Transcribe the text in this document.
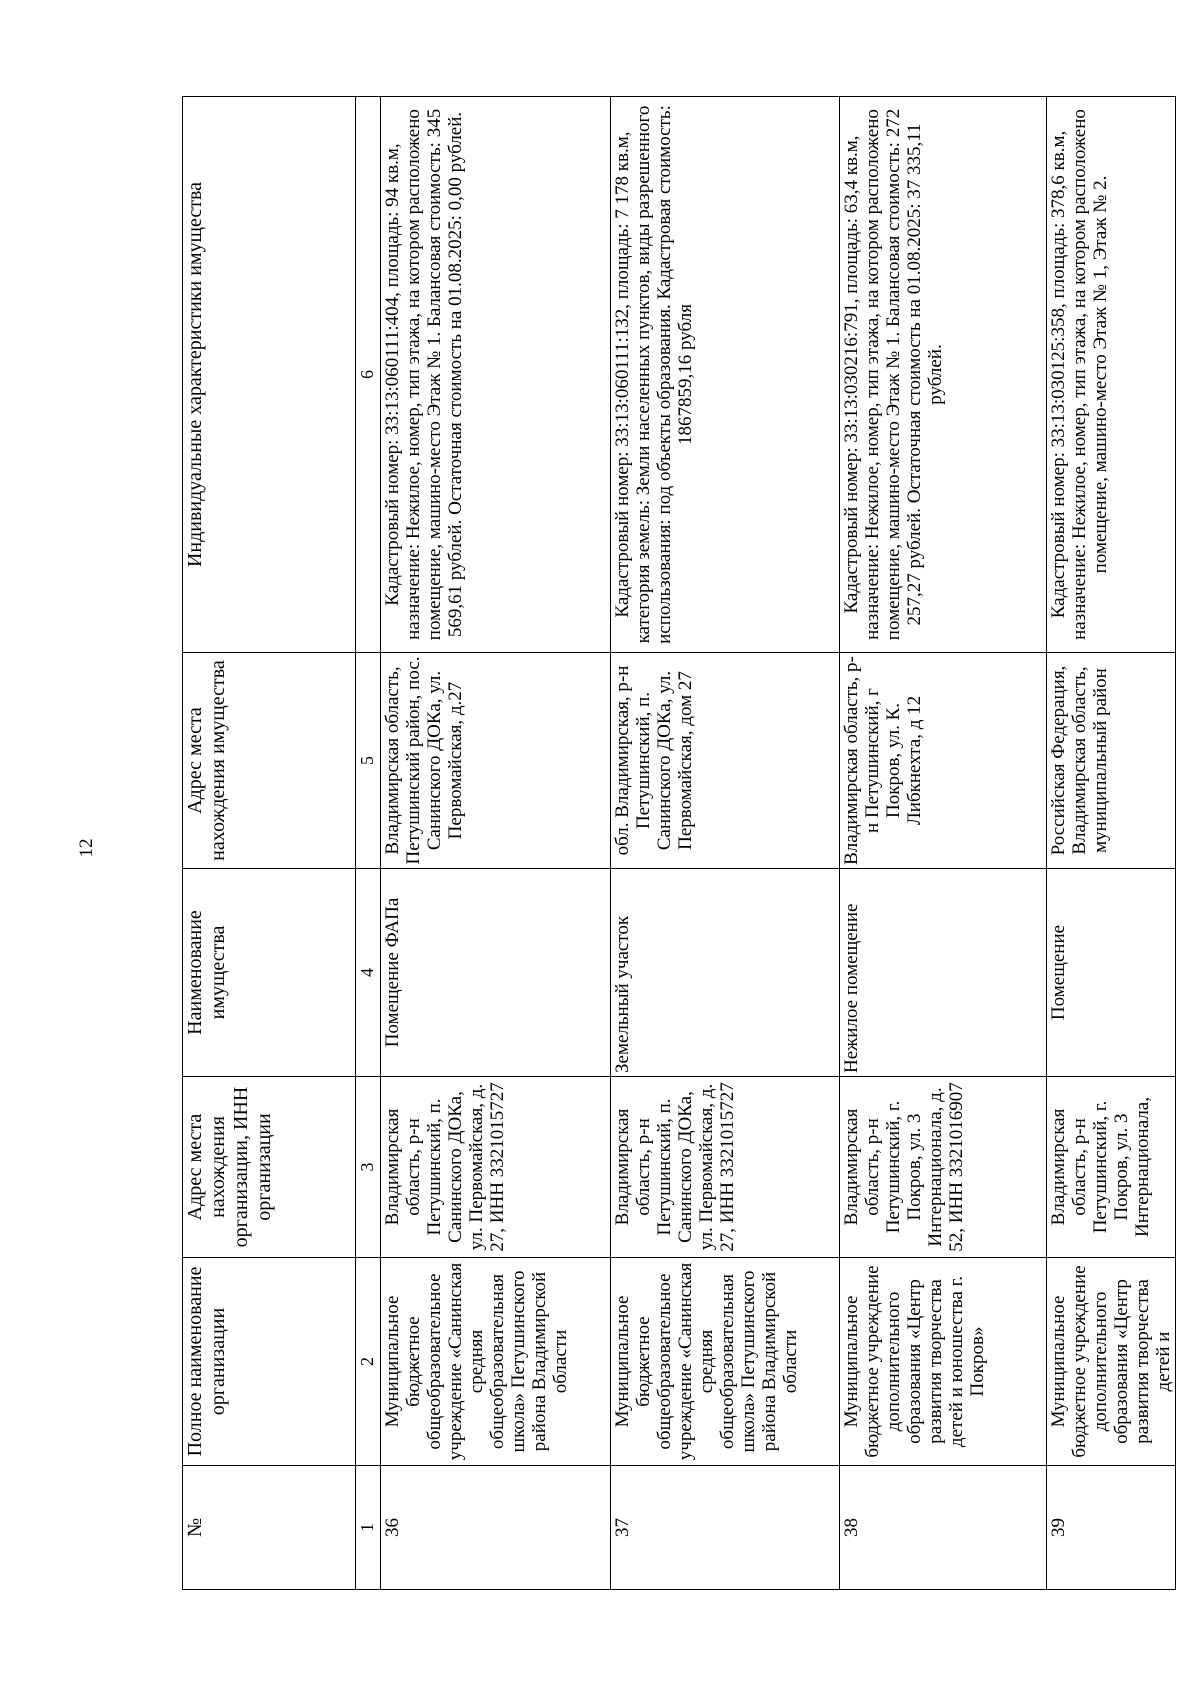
12
№	Полное наименование организации	Адрес места нахождения организации, ИНН организации	Наименование имущества	Адрес места нахождения имущества	Индивидуальные характеристики имущества
1	2	3	4	5	6
36	Муниципальное бюджетное общеобразовательное учреждение «Санинская средняя общеобразовательная школа» Петушинского района Владимирской области	Владимирская область, р-н Петушинский, п. Санинского ДОКа, ул. Первомайская, д. 27, ИНН 3321015727	Помещение ФАПа	Владимирская область, Петушинский район, пос. Санинского ДОКа, ул. Первомайская, д.27	Кадастровый номер: 33:13:060111:404, площадь: 94 кв.м, назначение: Нежилое, номер, тип этажа, на котором расположено помещение, машино-место Этаж № 1. Балансовая стоимость: 345 569,61 рублей. Остаточная стоимость на 01.08.2025: 0,00 рублей.
37	Муниципальное бюджетное общеобразовательное учреждение «Санинская средняя общеобразовательная школа» Петушинского района Владимирской области	Владимирская область, р-н Петушинский, п. Санинского ДОКа, ул. Первомайская, д. 27, ИНН 3321015727	Земельный участок	обл. Владимирская, р-н Петушинский, п. Санинского ДОКа, ул. Первомайская, дом 27	Кадастровый номер: 33:13:060111:132, площадь: 7 178 кв.м, категория земель: Земли населенных пунктов, виды разрешенного использования: под объекты образования. Кадастровая стоимость: 1867859,16 рубля
38	Муниципальное бюджетное учреждение дополнительного образования «Центр развития творчества детей и юношества г. Покров»	Владимирская область, р-н Петушинский, г. Покров, ул. 3 Интернационала, д. 52, ИНН 3321016907	Нежилое помещение	Владимирская область, р-н Петушинский, г Покров, ул. К. Либкнехта, д 12	Кадастровый номер: 33:13:030216:791, площадь: 63,4 кв.м, назначение: Нежилое, номер, тип этажа, на котором расположено помещение, машино-место Этаж № 1. Балансовая стоимость: 272 257,27 рублей. Остаточная стоимость на 01.08.2025: 37 335,11 рублей.
39	Муниципальное бюджетное учреждение дополнительного образования «Центр развития творчества детей и	Владимирская область, р-н Петушинский, г. Покров, ул. 3 Интернационала,	Помещение	Российская Федерация, Владимирская область, муниципальный район	Кадастровый номер: 33:13:030125:358, площадь: 378,6 кв.м, назначение: Нежилое, номер, тип этажа, на котором расположено помещение, машино-место Этаж № 1, Этаж № 2.
